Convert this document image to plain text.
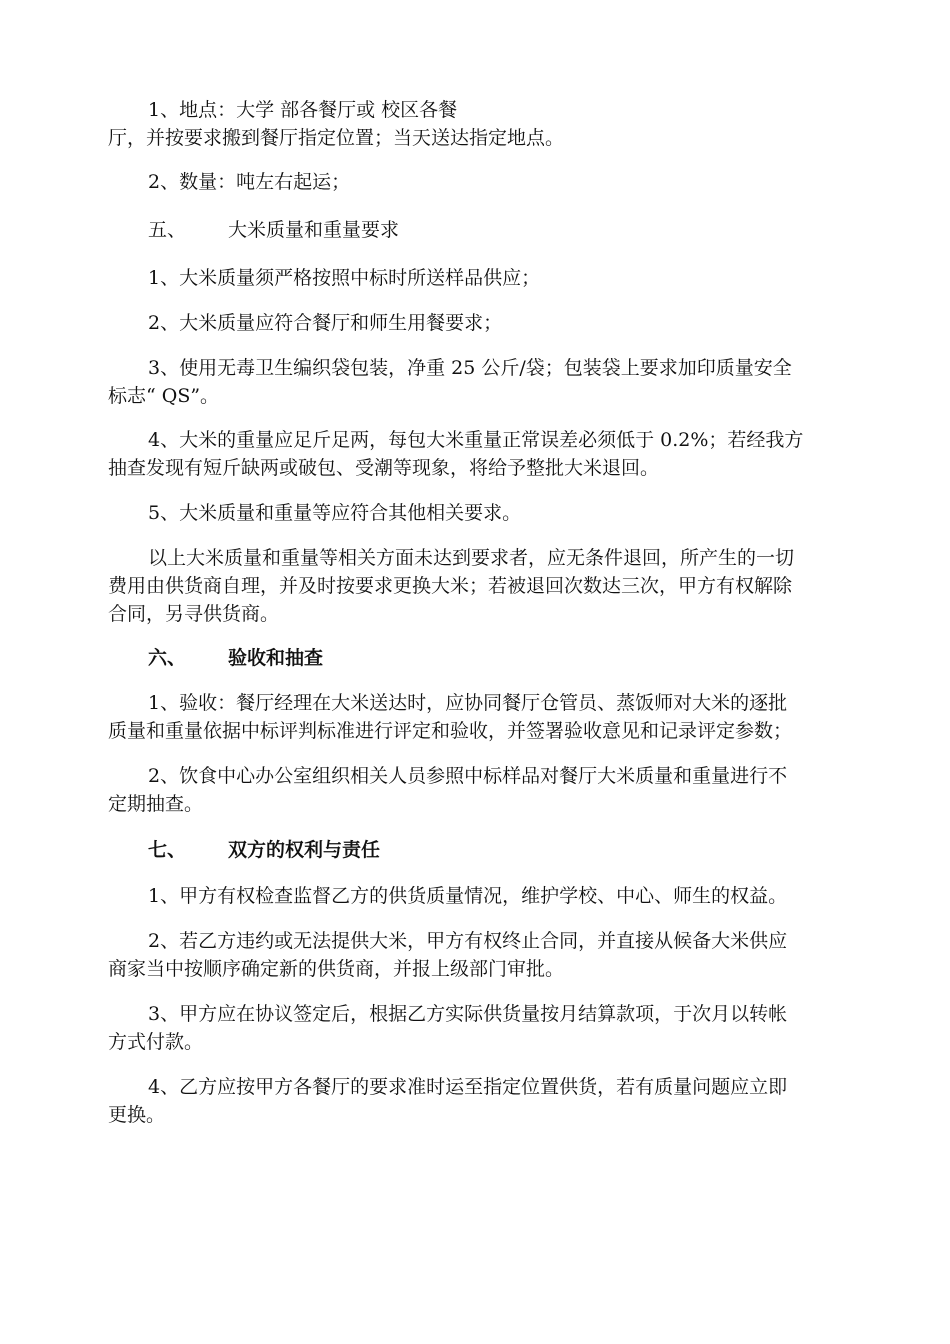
1、地点：大学 部各餐厅或 校区各餐
厅，并按要求搬到餐厅指定位置；当天送达指定地点。
2、数量：吨左右起运；
五、 大米质量和重量要求
1、大米质量须严格按照中标时所送样品供应；
2、大米质量应符合餐厅和师生用餐要求；
3、使用无毒卫生编织袋包装，净重 25 公斤/袋；包装袋上要求加印质量安全
标志“ QS”。
4、大米的重量应足斤足两，每包大米重量正常误差必须低于 0.2%；若经我方
抽查发现有短斤缺两或破包、受潮等现象，将给予整批大米退回。
5、大米质量和重量等应符合其他相关要求。
以上大米质量和重量等相关方面未达到要求者，应无条件退回，所产生的一切
费用由供货商自理，并及时按要求更换大米；若被退回次数达三次，甲方有权解除
合同，另寻供货商。
六、 验收和抽查
1、验收：餐厅经理在大米送达时，应协同餐厅仓管员、蒸饭师对大米的逐批
质量和重量依据中标评判标准进行评定和验收，并签署验收意见和记录评定参数；
2、饮食中心办公室组织相关人员参照中标样品对餐厅大米质量和重量进行不
定期抽查。
七、 双方的权利与责任
1、甲方有权检查监督乙方的供货质量情况，维护学校、中心、师生的权益。
2、若乙方违约或无法提供大米，甲方有权终止合同，并直接从候备大米供应
商家当中按顺序确定新的供货商，并报上级部门审批。
3、甲方应在协议签定后，根据乙方实际供货量按月结算款项，于次月以转帐
方式付款。
4、乙方应按甲方各餐厅的要求准时运至指定位置供货，若有质量问题应立即
更换。
